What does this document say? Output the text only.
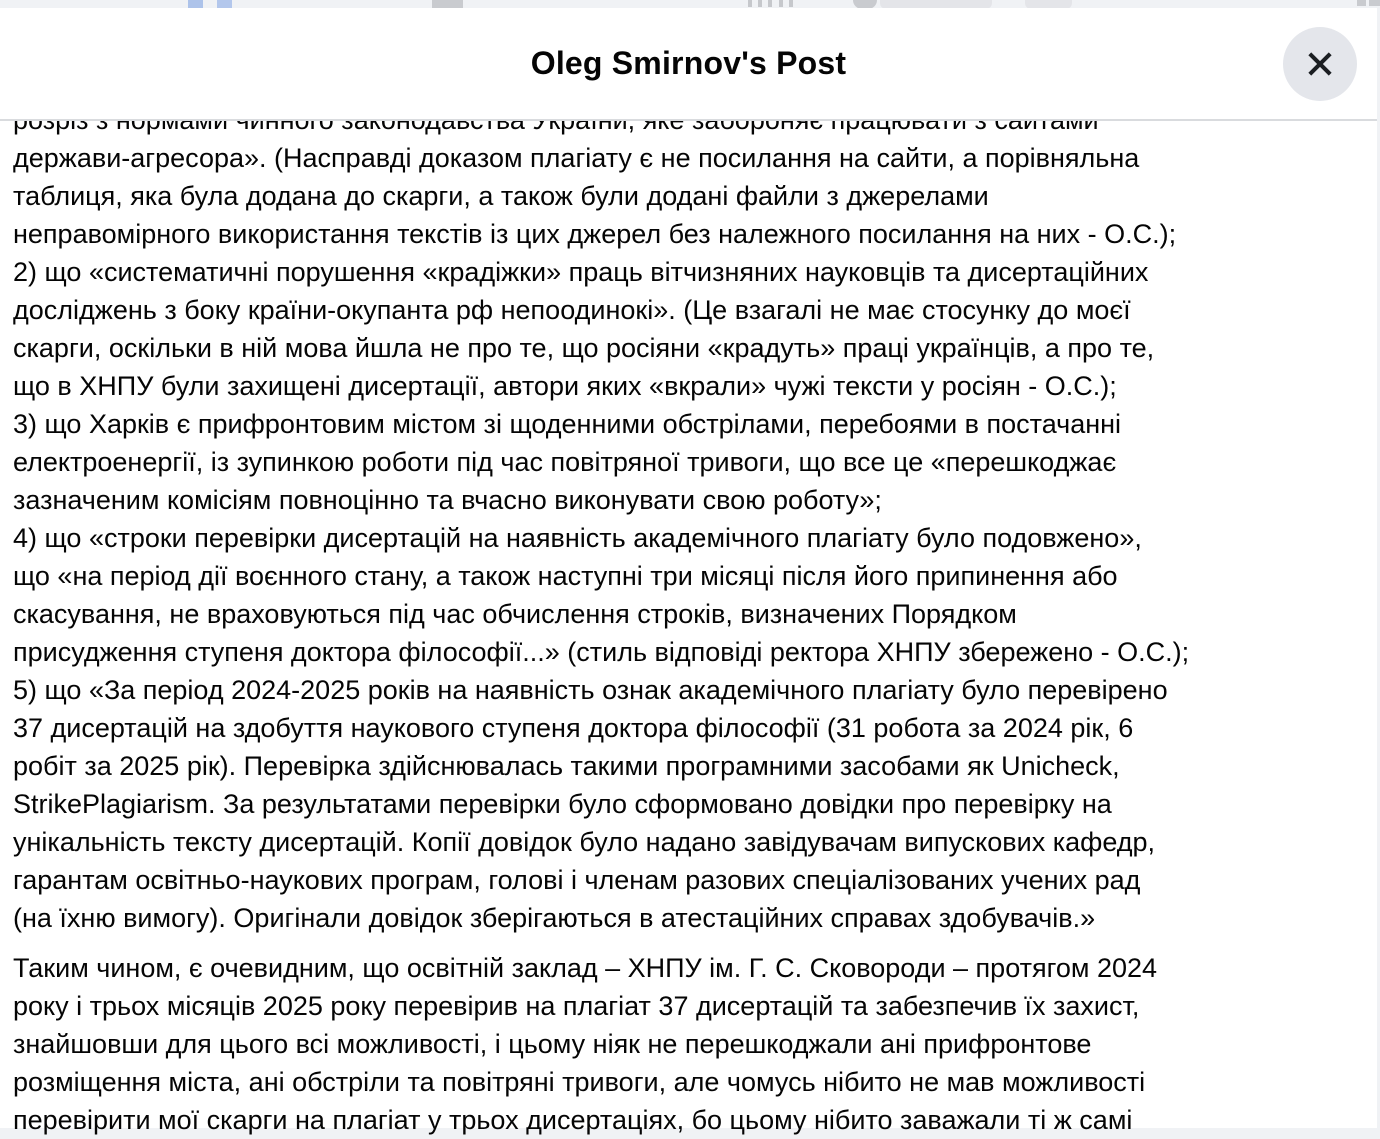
Oleg Smirnov's Post
держави-агресора». (Насправді доказом плагіату є не посилання на сайти, а порівняльна
таблиця, яка була додана до скарги, а також були додані файли з джерелами
неправомірного використання текстів із цих джерел без належного посилання на них - О.С.);
2) що «систематичні порушення «крадіжки» праць вітчизняних науковців та дисертаційних
досліджень з боку країни-окупанта рф непоодинокі». (Це взагалі не має стосунку до моєї
скарги, оскільки в ній мова йшла не про те, що росіяни «крадуть» праці українців, а про те,
що в ХНПУ були захищені дисертації, автори яких «вкрали» чужі тексти у росіян - О.С.);
3) що Харків є прифронтовим містом зі щоденними обстрілами, перебоями в постачанні
електроенергії, із зупинкою роботи під час повітряної тривоги, що все це «перешкоджає
зазначеним комісіям повноцінно та вчасно виконувати свою роботу»;
4) що «строки перевірки дисертацій на наявність академічного плагіату було подовжено»,
що «на період дії воєнного стану, а також наступні три місяці після його припинення або
скасування, не враховуються під час обчислення строків, визначених Порядком
присудження ступеня доктора філософії...» (стиль відповіді ректора ХНПУ збережено - О.С.);
5) що «За період 2024-2025 років на наявність ознак академічного плагіату було перевірено
37 дисертацій на здобуття наукового ступеня доктора філософії (31 робота за 2024 рік, 6
робіт за 2025 рік). Перевірка здійснювалась такими програмними засобами як Unicheck,
StrikePlagiarism. За результатами перевірки було сформовано довідки про перевірку на
унікальність тексту дисертацій. Копії довідок було надано завідувачам випускових кафедр,
гарантам освітньо-наукових програм, голові і членам разових спеціалізованих учених рад
(на їхню вимогу). Оригінали довідок зберігаються в атестаційних справах здобувачів.»
Таким чином, є очевидним, що освітній заклад – ХНПУ ім. Г. С. Сковороди – протягом 2024
року і трьох місяців 2025 року перевірив на плагіат 37 дисертацій та забезпечив їх захист,
знайшовши для цього всі можливості, і цьому ніяк не перешкоджали ані прифронтове
розміщення міста, ані обстріли та повітряні тривоги, але чомусь нібито не мав можливості
перевірити мої скарги на плагіат у трьох дисертаціях, бо цьому нібито заважали ті ж самі
